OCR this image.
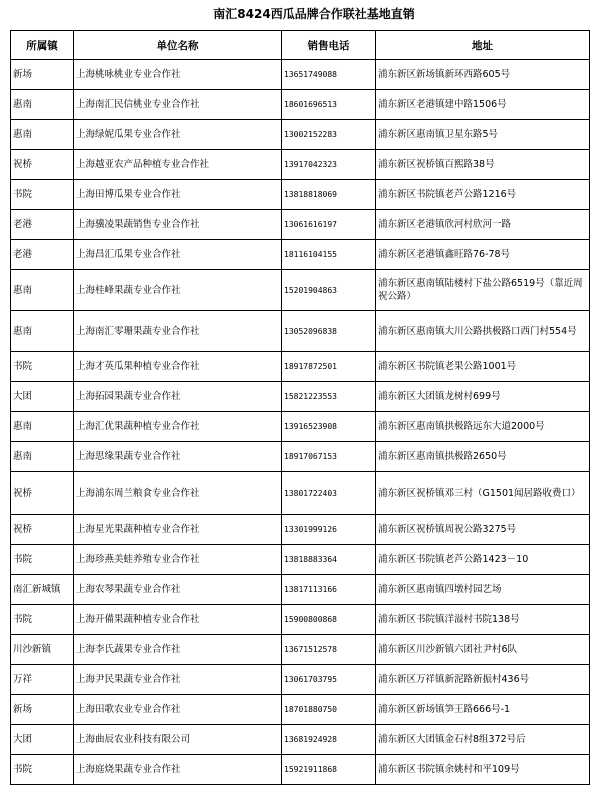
南汇8424西瓜品牌合作联社基地直销
所属镇	单位名称	销售电话	地址
新场	上海桃咏桃业专业合作社	13651749088	浦东新区新场镇新环西路605号
惠南	上海南汇民信桃业专业合作社	18601696513	浦东新区老港镇建中路1506号
惠南	上海绿妮瓜果专业合作社	13002152283	浦东新区惠南镇卫星东路5号
祝桥	上海越亚农产品种植专业合作社	13917042323	浦东新区祝桥镇百熙路38号
书院	上海田博瓜果专业合作社	13818818069	浦东新区书院镇老芦公路1216号
老港	上海骥凌果蔬销售专业合作社	13061616197	浦东新区老港镇欣河村欣河一路
老港	上海昌汇瓜果专业合作社	18116104155	浦东新区老港镇鑫旺路76-78号
惠南	上海桂峰果蔬专业合作社	15201904863	浦东新区惠南镇陆楼村下盐公路6519号（靠近周祝公路）
惠南	上海南汇零珊果蔬专业合作社	13052096838	浦东新区惠南镇大川公路拱极路口西门村554号
书院	上海才英瓜果种植专业合作社	18917872501	浦东新区书院镇老果公路1001号
大团	上海拓园果蔬专业合作社	15821223553	浦东新区大团镇龙树村699号
惠南	上海汇优果蔬种植专业合作社	13916523908	浦东新区惠南镇拱极路远东大道2000号
惠南	上海思缘果蔬专业合作社	18917067153	浦东新区惠南镇拱极路2650号
祝桥	上海浦东周兰粮食专业合作社	13801722403	浦东新区祝桥镇邓三村（G1501闻居路收费口）
祝桥	上海星光果蔬种植专业合作社	13301999126	浦东新区祝桥镇周祝公路3275号
书院	上海珍燕美蛙养殖专业合作社	13818883364	浦东新区书院镇老芦公路1423－10
南汇新城镇	上海农琴果蔬专业合作社	13817113166	浦东新区惠南镇四墩村园艺场
书院	上海开備果蔬种植专业合作社	15900800868	浦东新区书院镇洋溢村书院138号
川沙新镇	上海李氏蔬果专业合作社	13671512578	浦东新区川沙新镇六团社尹村6队
万祥	上海尹民果蔬专业合作社	13061703795	浦东新区万祥镇新泥路新振村436号
新场	上海田歌农业专业合作社	18701880750	浦东新区新场镇笋王路666号-1
大团	上海曲辰农业科技有限公司	13681924928	浦东新区大团镇金石村8组372号后
书院	上海庭烧果蔬专业合作社	15921911868	浦东新区书院镇余姚村和平109号
